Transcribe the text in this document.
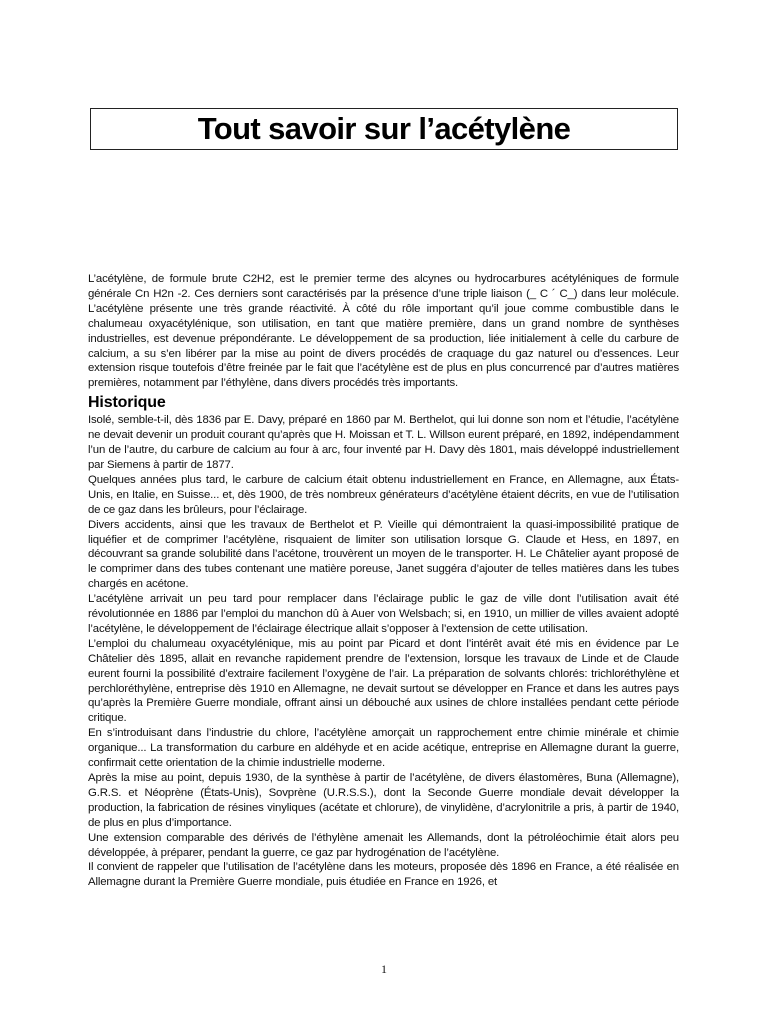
Tout savoir sur l’acétylène

L’acétylène, de formule brute C2H2, est le premier terme des alcynes ou hydrocarbures acétyléniques de formule générale Cn H2n -2. Ces derniers sont caractérisés par la présence d’une triple liaison (_ C ´ C_) dans leur molécule. L’acétylène présente une très grande réactivité. À côté du rôle important qu’il joue comme combustible dans le chalumeau oxyacétylénique, son utilisation, en tant que matière première, dans un grand nombre de synthèses industrielles, est devenue prépondérante. Le développement de sa production, liée initialement à celle du carbure de calcium, a su s’en libérer par la mise au point de divers procédés de craquage du gaz naturel ou d’essences. Leur extension risque toutefois d’être freinée par le fait que l’acétylène est de plus en plus concurrencé par d’autres matières premières, notamment par l’éthylène, dans divers procédés très importants.

Historique

Isolé, semble-t-il, dès 1836 par E. Davy, préparé en 1860 par M. Berthelot, qui lui donne son nom et l’étudie, l’acétylène ne devait devenir un produit courant qu’après que H. Moissan et T. L. Willson eurent préparé, en 1892, indépendamment l’un de l’autre, du carbure de calcium au four à arc, four inventé par H. Davy dès 1801, mais développé industriellement par Siemens à partir de 1877.

Quelques années plus tard, le carbure de calcium était obtenu industriellement en France, en Allemagne, aux États-Unis, en Italie, en Suisse... et, dès 1900, de très nombreux générateurs d’acétylène étaient décrits, en vue de l’utilisation de ce gaz dans les brûleurs, pour l’éclairage.

Divers accidents, ainsi que les travaux de Berthelot et P. Vieille qui démontraient la quasi-impossibilité pratique de liquéfier et de comprimer l’acétylène, risquaient de limiter son utilisation lorsque G. Claude et Hess, en 1897, en découvrant sa grande solubilité dans l’acétone, trouvèrent un moyen de le transporter. H. Le Châtelier ayant proposé de le comprimer dans des tubes contenant une matière poreuse, Janet suggéra d’ajouter de telles matières dans les tubes chargés en acétone.

L’acétylène arrivait un peu tard pour remplacer dans l’éclairage public le gaz de ville dont l’utilisation avait été révolutionnée en 1886 par l’emploi du manchon dû à Auer von Welsbach; si, en 1910, un millier de villes avaient adopté l’acétylène, le développement de l’éclairage électrique allait s’opposer à l’extension de cette utilisation.

L’emploi du chalumeau oxyacétylénique, mis au point par Picard et dont l’intérêt avait été mis en évidence par Le Châtelier dès 1895, allait en revanche rapidement prendre de l’extension, lorsque les travaux de Linde et de Claude eurent fourni la possibilité d’extraire facilement l’oxygène de l’air. La préparation de solvants chlorés: trichloréthylène et perchloréthylène, entreprise dès 1910 en Allemagne, ne devait surtout se développer en France et dans les autres pays qu’après la Première Guerre mondiale, offrant ainsi un débouché aux usines de chlore installées pendant cette période critique.

En s’introduisant dans l’industrie du chlore, l’acétylène amorçait un rapprochement entre chimie minérale et chimie organique... La transformation du carbure en aldéhyde et en acide acétique, entreprise en Allemagne durant la guerre, confirmait cette orientation de la chimie industrielle moderne.

Après la mise au point, depuis 1930, de la synthèse à partir de l’acétylène, de divers élastomères, Buna (Allemagne), G.R.S. et Néoprène (États-Unis), Sovprène (U.R.S.S.), dont la Seconde Guerre mondiale devait développer la production, la fabrication de résines vinyliques (acétate et chlorure), de vinylidène, d’acrylonitrile a pris, à partir de 1940, de plus en plus d’importance.

Une extension comparable des dérivés de l’éthylène amenait les Allemands, dont la pétroléochimie était alors peu développée, à préparer, pendant la guerre, ce gaz par hydrogénation de l’acétylène.

Il convient de rappeler que l’utilisation de l’acétylène dans les moteurs, proposée dès 1896 en France, a été réalisée en Allemagne durant la Première Guerre mondiale, puis étudiée en France en 1926, et

1
